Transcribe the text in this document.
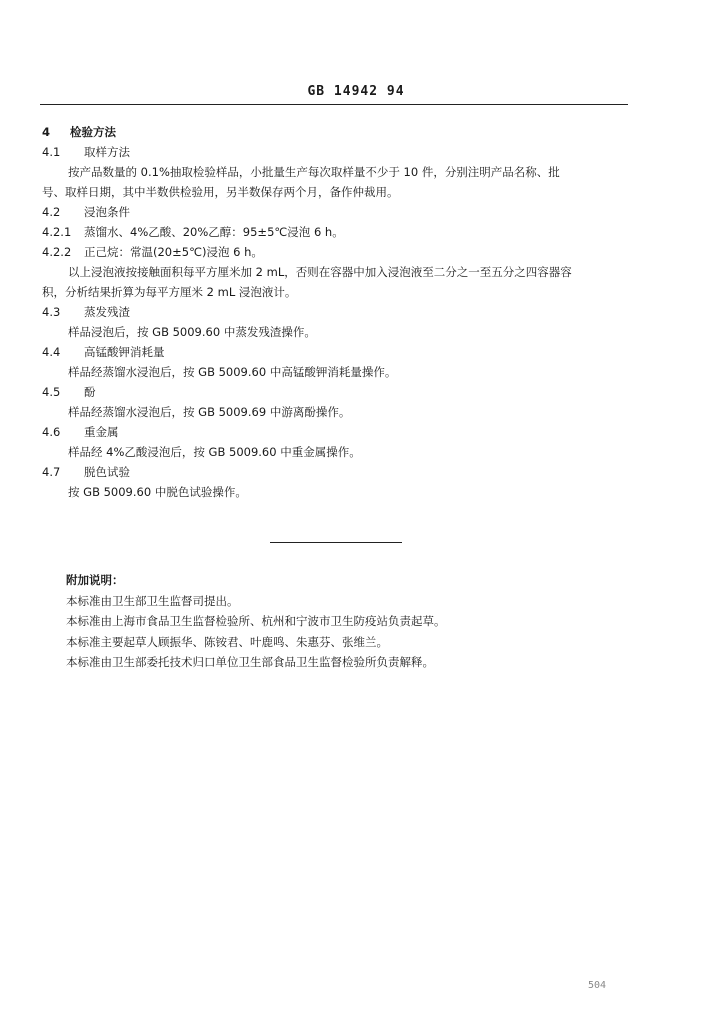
GB 14942 94
4	检验方法
4.1	取样方法
按产品数量的 0.1%抽取检验样品，小批量生产每次取样量不少于 10 件，分别注明产品名称、批
号、取样日期，其中半数供检验用，另半数保存两个月，备作仲裁用。
4.2	浸泡条件
4.2.1	蒸馏水、4%乙酸、20%乙醇：95±5℃浸泡 6 h。
4.2.2	正己烷：常温(20±5℃)浸泡 6 h。
以上浸泡液按接触面积每平方厘米加 2 mL，否则在容器中加入浸泡液至二分之一至五分之四容器容
积，分析结果折算为每平方厘米 2 mL 浸泡液计。
4.3	蒸发残渣
样品浸泡后，按 GB 5009.60 中蒸发残渣操作。
4.4	高锰酸钾消耗量
样品经蒸馏水浸泡后，按 GB 5009.60 中高锰酸钾消耗量操作。
4.5	酚
样品经蒸馏水浸泡后，按 GB 5009.69 中游离酚操作。
4.6	重金属
样品经 4%乙酸浸泡后，按 GB 5009.60 中重金属操作。
4.7	脱色试验
按 GB 5009.60 中脱色试验操作。
附加说明：
本标准由卫生部卫生监督司提出。
本标准由上海市食品卫生监督检验所、杭州和宁波市卫生防疫站负责起草。
本标准主要起草人顾振华、陈铵君、叶鹿鸣、朱惠芬、张维兰。
本标准由卫生部委托技术归口单位卫生部食品卫生监督检验所负责解释。
504
